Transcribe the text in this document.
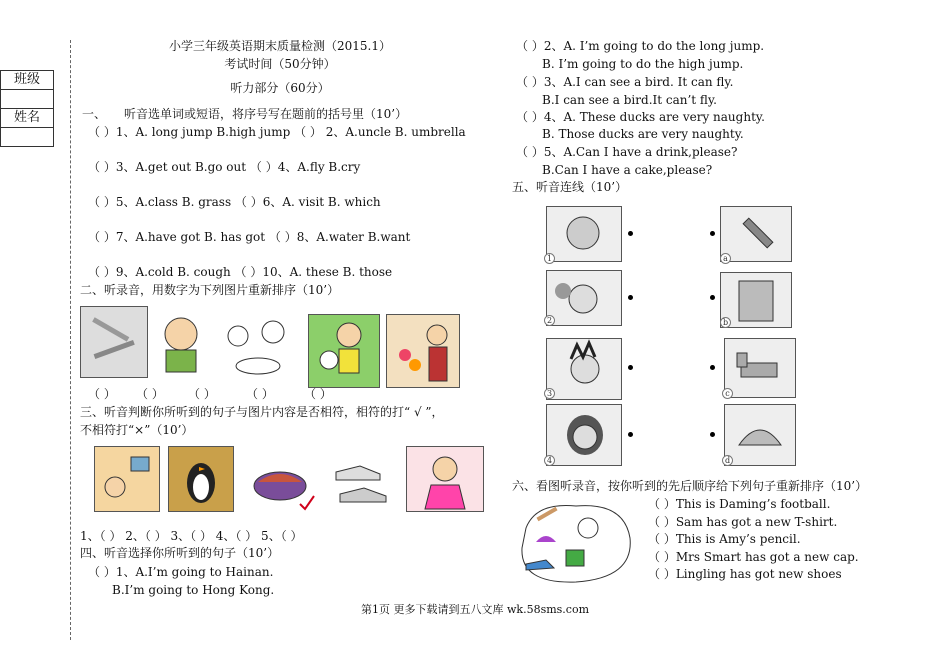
班级
姓名
小学三年级英语期末质量检测（2015.1）
考试时间（50分钟）
听力部分（60分）
一、　　听音选单词或短语，将序号写在题前的括号里（10’）
（ ）1、A. long jump B.high jump （ ） 2、A.uncle B. umbrella
（ ）3、A.get out B.go out （ ）4、A.fly B.cry
（ ）5、A.class B. grass （ ）6、A. visit B. which
（ ）7、A.have got B. has got （ ）8、A.water B.want
（ ）9、A.cold B. cough （ ）10、A. these B. those
二、听录音，用数字为下列图片重新排序（10’）
（ ） （ ） （ ）	（ ）	（ ）
三、听音判断你所听到的句子与图片内容是否相符，相符的打“ √ ”，
不相符打“×”（10’）
1、（ ） 2、（ ） 3、（ ） 4、（ ） 5、（ ）
四、听音选择你所听到的句子（10’）
（ ）1、A.I’m going to Hainan.
B.I’m going to Hong Kong.
（ ）2、A. I’m going to do the long jump.
B. I’m going to do the high jump.
（ ）3、A.I can see a bird. It can fly.
B.I can see a bird.It can’t fly.
（ ）4、A. These ducks are very naughty.
B. Those ducks are very naughty.
（ ）5、A.Can I have a drink,please?
B.Can I have a cake,please?
五、听音连线（10’）
1
2
3
4
a
b
c
d
六、看图听录音，按你听到的先后顺序给下列句子重新排序（10’）
（ ）This is Daming’s football.
（ ）Sam has got a new T-shirt.
（ ）This is Amy’s pencil.
（ ）Mrs Smart has got a new cap.
（ ）Lingling has got new shoes
第1页 更多下载请到五八文库 wk.58sms.com
